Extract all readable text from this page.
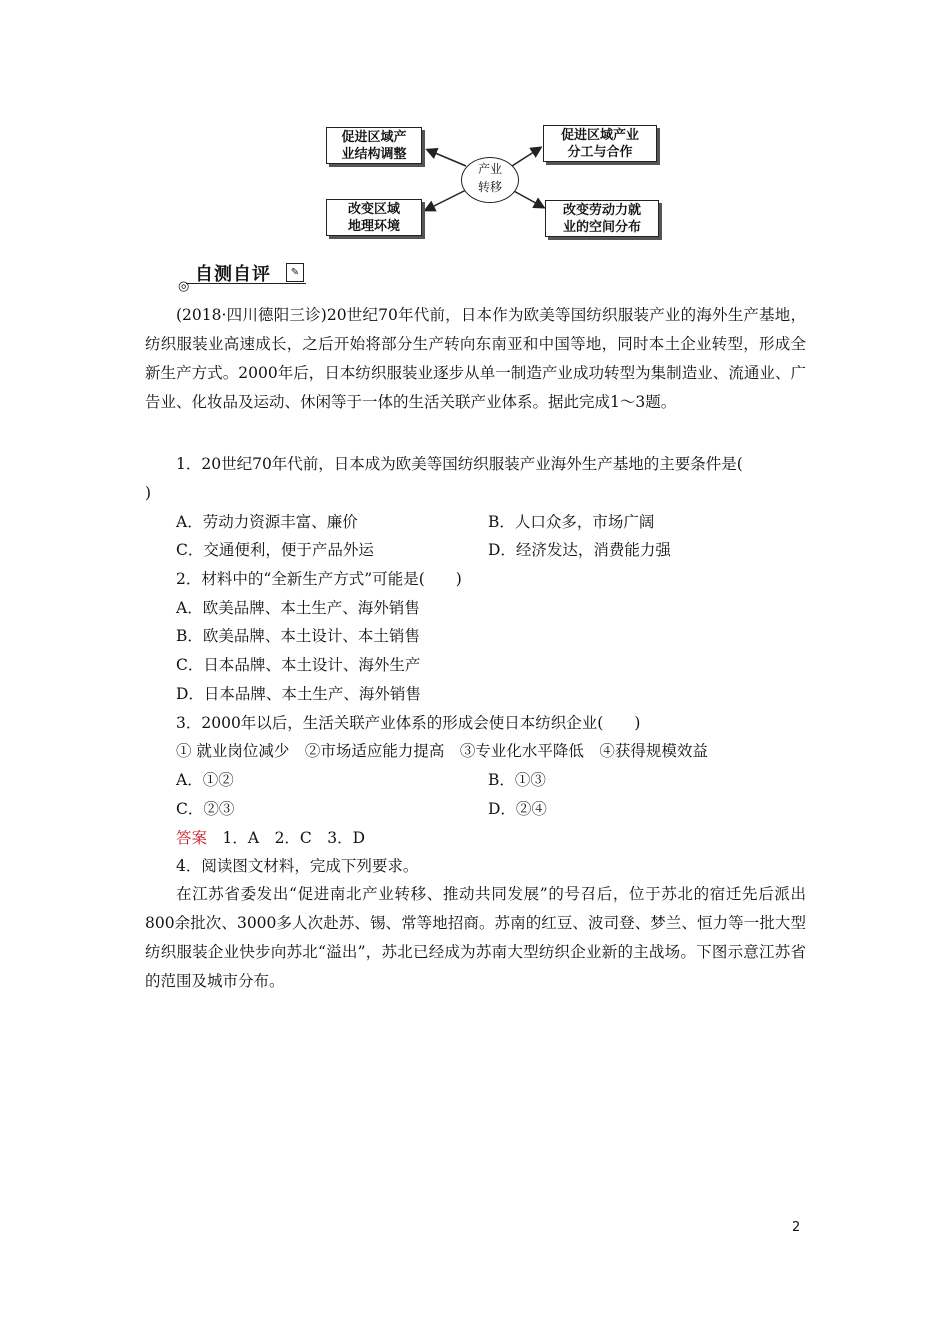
促进区域产
业结构调整
促进区域产业
分工与合作
改变区域
地理环境
改变劳动力就
业的空间分布
产业
转移
◎
自测自评	✎
(2018·四川德阳三诊)20世纪70年代前，日本作为欧美等国纺织服装产业的海外生产基地，纺织服装业高速成长，之后开始将部分生产转向东南亚和中国等地，同时本土企业转型，形成全新生产方式。2000年后，日本纺织服装业逐步从单一制造产业成功转型为集制造业、流通业、广告业、化妆品及运动、休闲等于一体的生活关联产业体系。据此完成1～3题。
1．20世纪70年代前，日本成为欧美等国纺织服装产业海外生产基地的主要条件是(
)
A．劳动力资源丰富、廉价	B．人口众多，市场广阔
C．交通便利，便于产品外运	D．经济发达，消费能力强
2．材料中的“全新生产方式”可能是(　　)
A．欧美品牌、本土生产、海外销售
B．欧美品牌、本土设计、本土销售
C．日本品牌、本土设计、海外生产
D．日本品牌、本土生产、海外销售
3．2000年以后，生活关联产业体系的形成会使日本纺织企业(　　)
① 就业岗位减少　②市场适应能力提高　③专业化水平降低　④获得规模效益
A．①②	B．①③
C．②③	D．②④
答案　1．A　2．C　3．D
4．阅读图文材料，完成下列要求。
在江苏省委发出“促进南北产业转移、推动共同发展”的号召后，位于苏北的宿迁先后派出800余批次、3000多人次赴苏、锡、常等地招商。苏南的红豆、波司登、梦兰、恒力等一批大型纺织服装企业快步向苏北“溢出”，苏北已经成为苏南大型纺织企业新的主战场。下图示意江苏省的范围及城市分布。
2
